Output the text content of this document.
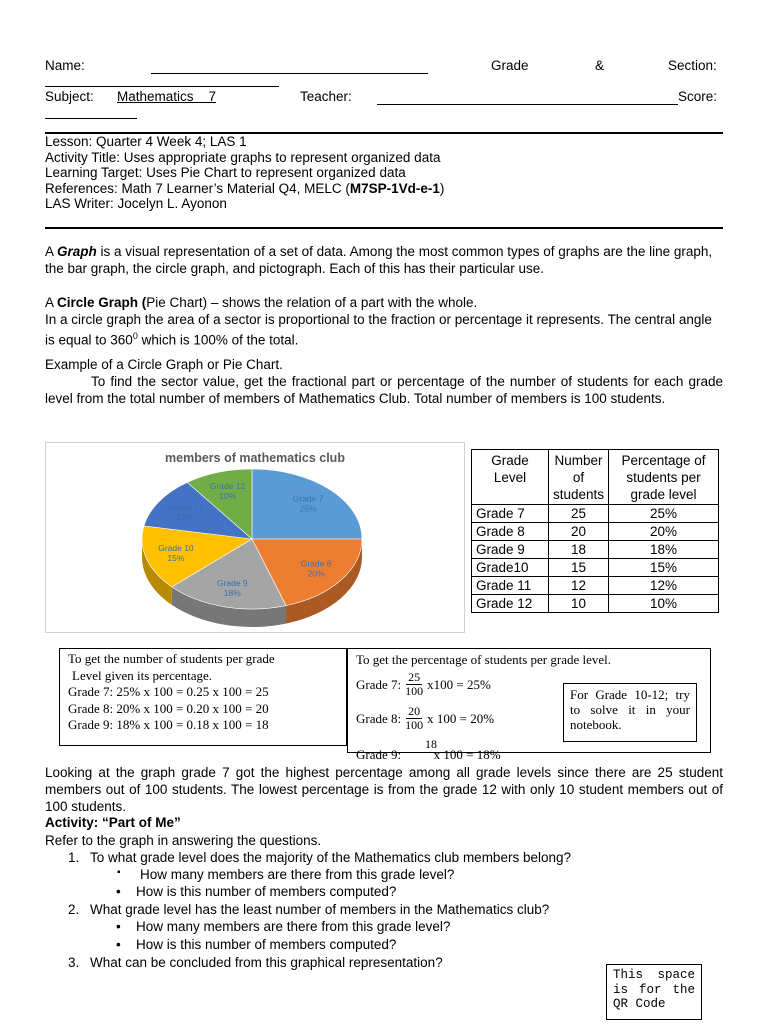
Name:	Grade	&	Section:
Subject: Mathematics    7	Teacher:	Score:

Lesson: Quarter 4 Week 4; LAS 1

Activity Title: Uses appropriate graphs to represent organized data

Learning Target: Uses Pie Chart to represent organized data

References: Math 7 Learner’s Material Q4, MELC (M7SP-1Vd-e-1)

LAS Writer: Jocelyn L. Ayonon

A Graph is a visual representation of a set of data. Among the most common types of graphs are the line graph, the bar graph, the circle graph, and pictograph. Each of this has their particular use.

A Circle Graph (Pie Chart) – shows the relation of a part with the whole.

In a circle graph the area of a sector is proportional to the fraction or percentage it represents. The central angle is equal to $360^0$ which is 100% of the total.

Example of a Circle Graph or Pie Chart.
To find the sector value, get the fractional part or percentage of the number of students for each grade level from the total number of members of Mathematics Club. Total number of members is 100 students.
members of mathematics club
Grade 7
25%
Grade 8
20%
Grade 9
18%
Grade 10
15%
Grade 11
12%
Grade 12
10%
Grade Level	Number of students	Percentage of students per grade level
Grade 7	25	25%
Grade 8	20	20%
Grade 9	18	18%
Grade10	15	15%
Grade 11	12	12%
Grade 12	10	10%

To get the number of students per grade

Level given its percentage.

Grade 7: 25% x 100 = 0.25 x 100 = 25

Grade 8: 20% x 100 = 0.20 x 100 = 20

Grade 9: 18% x 100 = 0.18 x 100 = 18

To get the percentage of students per grade level.
Grade 7: $\frac{25}{100} x100 = 25\%$
Grade 8: $\frac{20}{100}$ x 100 = 20%
18
Grade 9:          x 100 = 18%
For Grade 10-12; try to solve it in your notebook.
Looking at the graph grade 7 got the highest percentage among all grade levels since there are 25 student members out of 100 students. The lowest percentage is from the grade 12 with only 10 student members out of 100 students.
Activity: “Part of Me”
Refer to the graph in answering the questions.
1. To what grade level does the majority of the Mathematics club members belong?
▪ How many members are there from this grade level?
• How is this number of members computed?
2. What grade level has the least number of members in the Mathematics club?
• How many members are there from this grade level?
• How is this number of members computed?
3. What can be concluded from this graphical representation?
This space is for the QR Code
